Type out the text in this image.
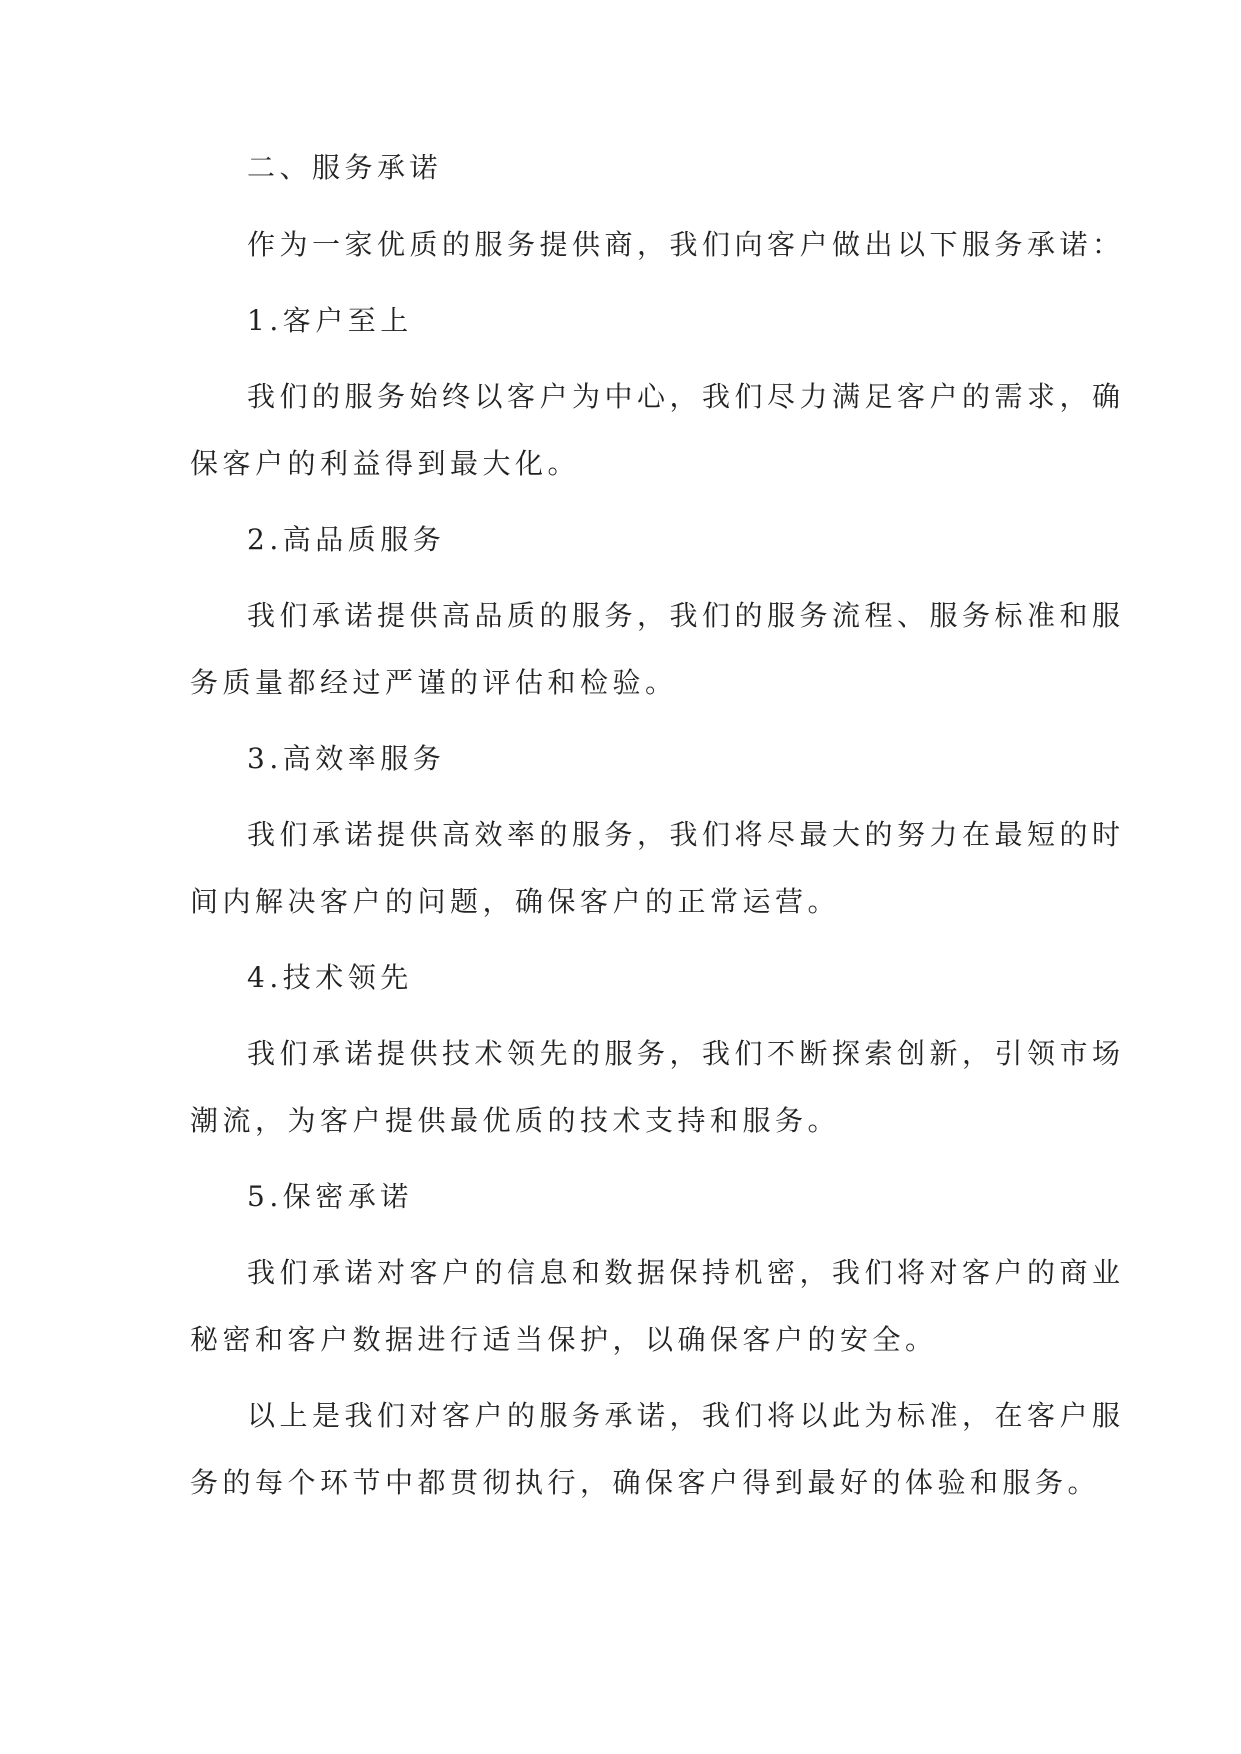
二、服务承诺

作为一家优质的服务提供商，我们向客户做出以下服务承诺：

1.客户至上

我们的服务始终以客户为中心，我们尽力满足客户的需求，确

保客户的利益得到最大化。

2.高品质服务

我们承诺提供高品质的服务，我们的服务流程、服务标准和服

务质量都经过严谨的评估和检验。

3.高效率服务

我们承诺提供高效率的服务，我们将尽最大的努力在最短的时

间内解决客户的问题，确保客户的正常运营。

4.技术领先

我们承诺提供技术领先的服务，我们不断探索创新，引领市场

潮流，为客户提供最优质的技术支持和服务。

5.保密承诺

我们承诺对客户的信息和数据保持机密，我们将对客户的商业

秘密和客户数据进行适当保护，以确保客户的安全。

以上是我们对客户的服务承诺，我们将以此为标准，在客户服

务的每个环节中都贯彻执行，确保客户得到最好的体验和服务。
